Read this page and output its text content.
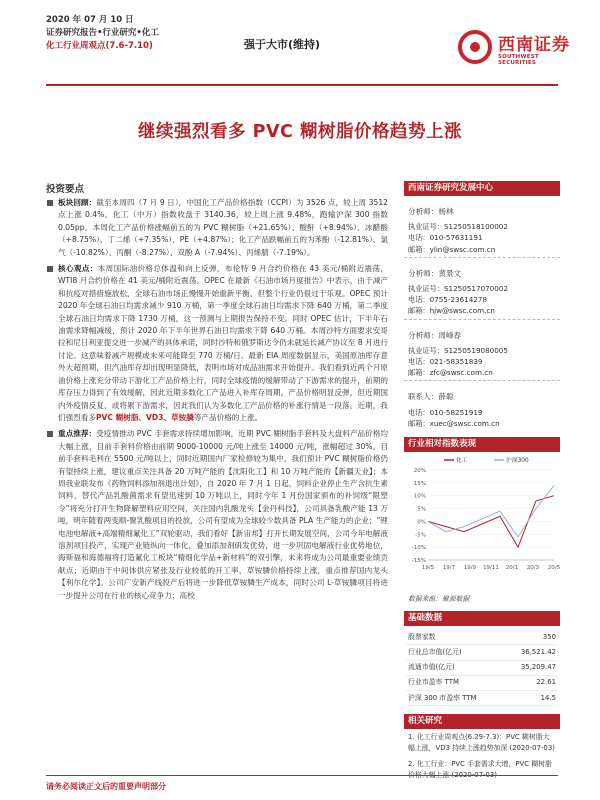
2020 年 07 月 10 日
证券研究报告•行业研究•化工
化工行业周观点(7.6-7.10)	强于大市(维持)	西南证券
SOUTHWEST SECURITIES
继续强烈看多 PVC 糊树脂价格趋势上涨
投资要点

板块回顾：截至本周四（7 月 9 日），中国化工产品价格指数（CCPI）为 3526 点，较上周 3512 点上涨 0.4%。化工（中万）指数收盘于 3140.36，较上周上涨 9.48%，跑输沪深 300 指数 0.05pp。本周化工产品价格涨幅前五的为 PVC 糊树脂（+21.65%）、酸酐（+8.94%）、冰醋酸（+8.75%）、丁二烯（+7.35%）、PE（+4.87%）；化工产品跌幅前五的为苯酚（-12.81%）、氯气（-10.82%）、丙酮（-8.27%）、双酚 A（-7.94%）、丙烯腈（-7.19%）。

核心观点：本周国际油价格总体温和向上反弹，布伦特 9 月合约价格在 43 美元/桶附近震荡，WTI8 月合约价格在 41 美元/桶附近震荡。OPEC 在最新《石油市场月度报告》中表示，由于减产和抗疫对措措施放松，全球石油市场正慢慢开始重新平衡，但整个行业仍很过于乐观。OPEC 预计 2020 年全球石油日均需求减少 910 万桶，第一季度全球石油日均需求下降 640 万桶，第二季度全球石油日均需求下降 1730 万桶，这一预测与上期报告保持不变。同时 OPEC 估计，下半年石油需求降幅减缓，预计 2020 年下半年世界石油日均需求下降 640 万桶。本周沙特方面要求安哥拉和尼日利亚提交进一步减产的具体承诺，同时沙特和俄罗斯达令仍未就延长减产协议至 8 月进行讨论。这意味着减产规模或未来可能降至 770 万桶/日。最新 EIA 周度数据显示，美国原油库存意外大超预期，但汽油库存却出现明显降低，表明市场对成品油需求开始提升。我们看到近两个月原油价格上涨充分带动下游化工产品价格上行，同时全球疫情的缓解带动了下游需求的提升，前期的库存压力得到了有效缓解，因此近期多数化工产品进入补库存周期，产品价格明显反弹，但近期国内外疫情反复，或将累下游需求，因此我们认为多数化工产品价格的补涨行情是一段落。近期，我们强烈看多PVC 糊树脂、VD3、草铵膦等产品价格的上涨。

重点推荐：受疫情推动 PVC 手套需求持续增加影响，近期 PVC 糊树脂手套料及大盘料产品价格均大幅上涨，目前手套料价格由前期 9000-10000 元/吨上涨至 14000 元/吨，涨幅超过 30%。目前手套料毛利在 5500 元/吨以上，同时近期国内厂家检修较为集中，我们预计 PVC 糊树脂价格仍有望持续上涨，建议重点关注具备 20 万吨产能的【沈阳化工】和 10 万吨产能的【新疆天业】；本周我业联发布《药物饲料添加剂退出计划》，自 2020 年 7 月 1 日起，饲料企业停止生产含抗生素饲料，替代产品乳酸菌需求有望迅速到 10 万吨以上，同时今年 1 月份国家颁布的补饲级“限塑令”将充分打开生物降解塑料应用空间，关注国内乳酸龙头【金丹科技】，公司具备乳酸产能 13 万吨，明年随着两变顺-聚乳酸项目的投放，公司有望成为全球较少数具备 PLA 生产能力的企业；“锂电池电解液+高端精细氟化工”双轮驱动，我们看好【新宙邦】打开长期发展空间，公司今年电解液溶剂项目投产，实现产业链纵向一体化，叠加添加剂研发优势，进一步巩固电解液行业优势地位，海斯福和海德福将打造氟化工板块“精细化学品+新材料”的双引擎，未来将成为公司最重要业绩贡献点；近期由于中间体供应紧张及行业较低的开工率，草铵膦价格持续上涨，重点推荐国内龙头【利尔化学】。公司广安新产线投产后将进一步降低草铵膦生产成本，同时公司 L-草铵膦项目将进一步提升公司在行业的核心竞争力；高校

西南证券研究发展中心
分析师：杨林
执业证号：S1250518100002
电话：010-57631191
邮箱：ylin@swsc.com.cn
分析师：黄景文
执业证号：S1250517070002
电话：0755-23614278
邮箱：hjw@swsc.com.cn
分析师：周峰春
执业证号：S1250519080005
电话：021-58351839
邮箱：zfc@swsc.com.cn
联系人：薛聪
电话：010-58251919
邮箱：xuec@swsc.com.cn
行业相对指数表现
20%
15%
10%
5%
0%
-5%
-10%
-15%
19/5 19/7 19/9 19/11 20/1 20/3 20/5
化工	沪深300
数据来源：聚源数据
基础数据
股票家数	350
行业总市值(亿元)	36,521.42
流通市值(亿元)	35,209.47
行业市盈率 TTM	22.61
沪深 300 市盈率 TTM	14.5
相关研究
1. 化工行业周观点(6.29-7.3)：PVC 糊树脂大幅上涨，VD3 持续上涨趋势加深 (2020-07-03)
2. 化工行业：PVC 手套需求大增，PVC 糊树脂
请务必阅读正文后的重要声明部分
